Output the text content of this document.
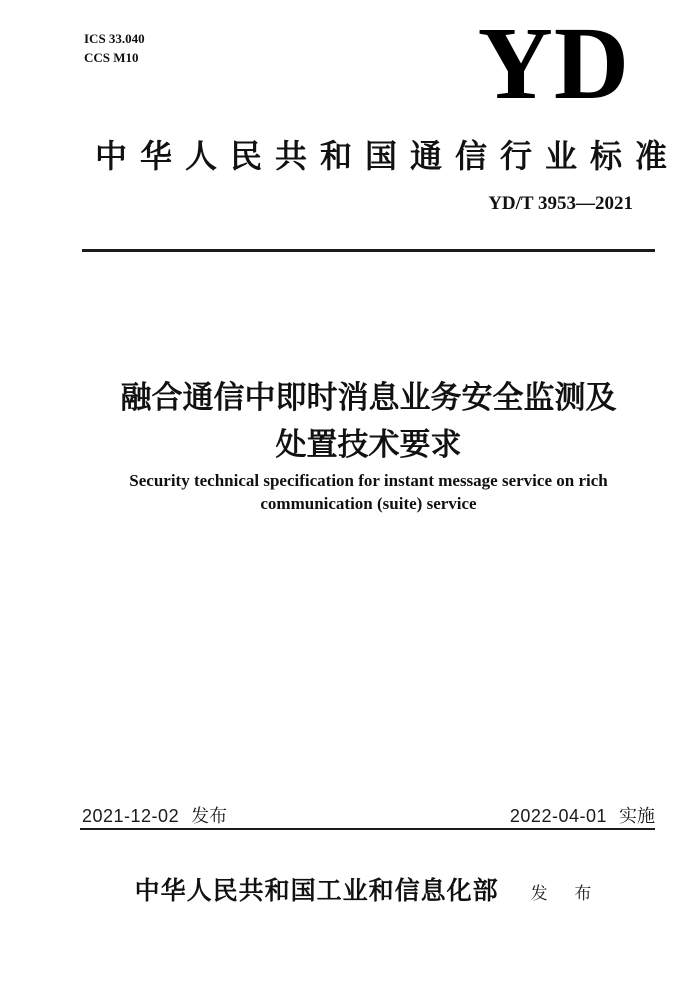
ICS 33.040
CCS M10	YD
中华人民共和国通信行业标准
YD/T 3953—2021
融合通信中即时消息业务安全监测及
处置技术要求
Security technical specification for instant message service on rich
communication (suite) service
2021-12-02 发布	2022-04-01 实施
中华人民共和国工业和信息化部 发 布
